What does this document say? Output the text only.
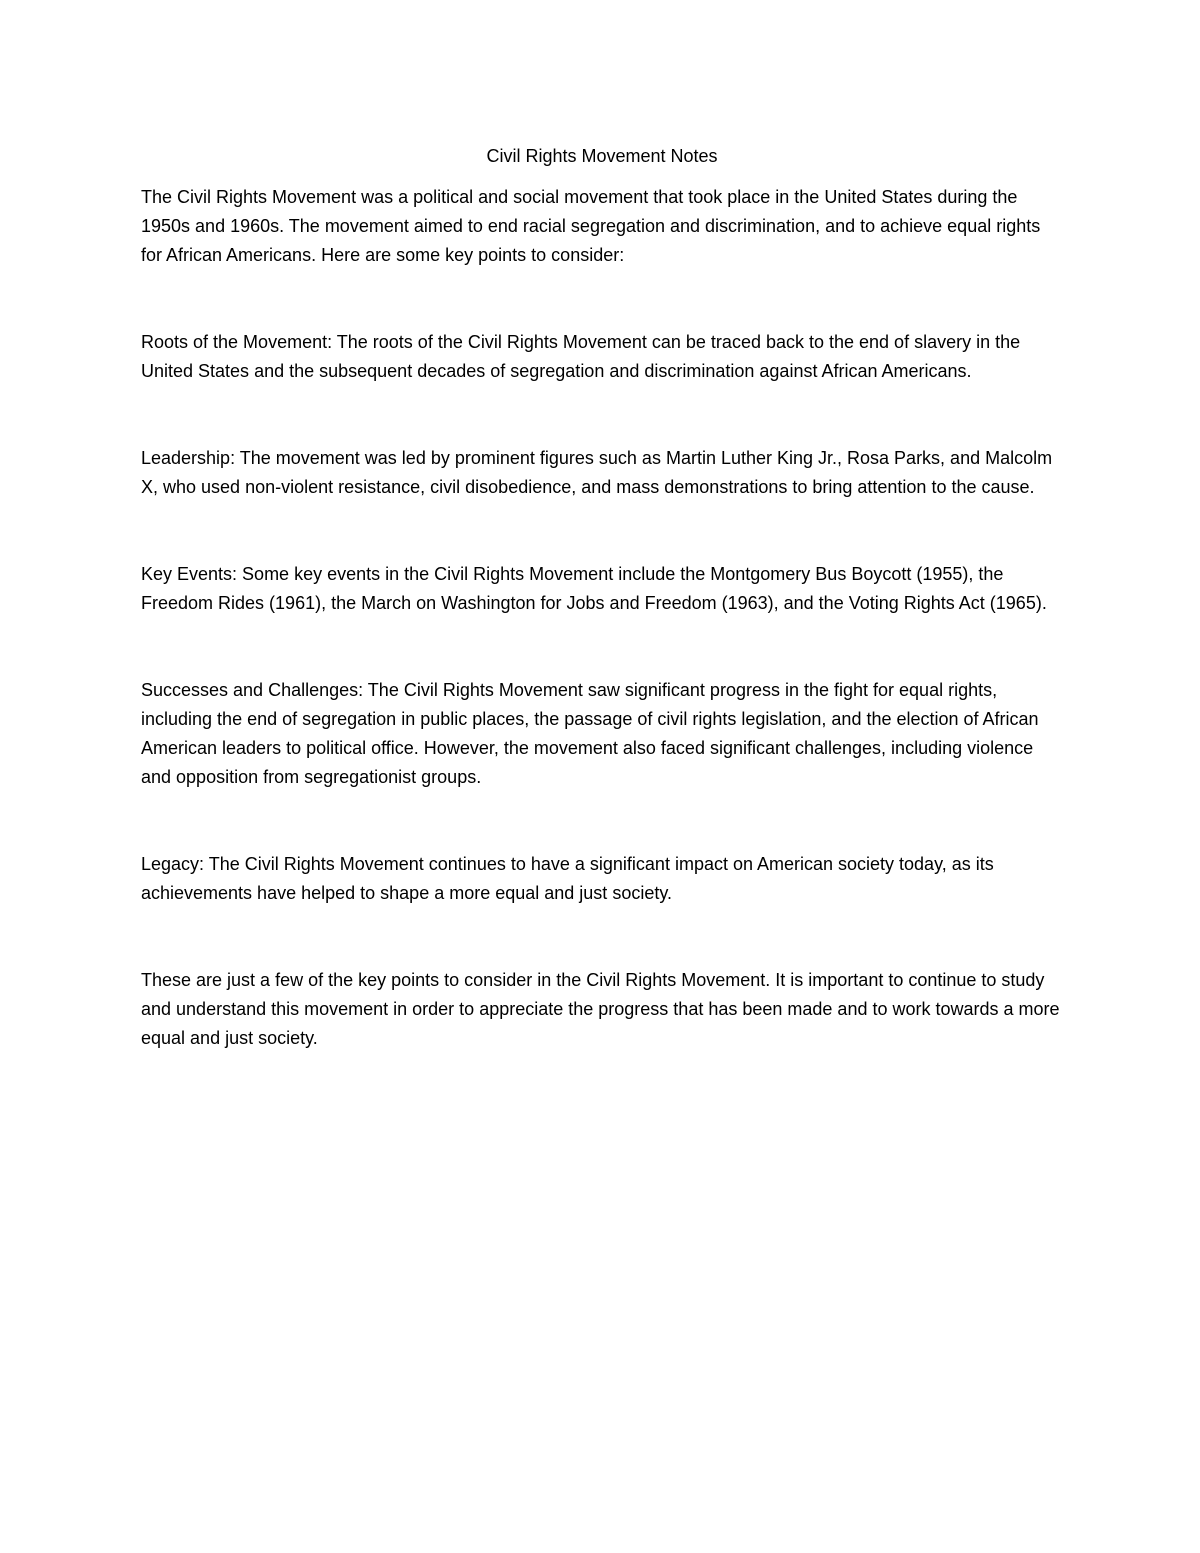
Civil Rights Movement Notes

The Civil Rights Movement was a political and social movement that took place in the United States during the 1950s and 1960s. The movement aimed to end racial segregation and discrimination, and to achieve equal rights for African Americans. Here are some key points to consider:

Roots of the Movement: The roots of the Civil Rights Movement can be traced back to the end of slavery in the United States and the subsequent decades of segregation and discrimination against African Americans.

Leadership: The movement was led by prominent figures such as Martin Luther King Jr., Rosa Parks, and Malcolm X, who used non-violent resistance, civil disobedience, and mass demonstrations to bring attention to the cause.

Key Events: Some key events in the Civil Rights Movement include the Montgomery Bus Boycott (1955), the Freedom Rides (1961), the March on Washington for Jobs and Freedom (1963), and the Voting Rights Act (1965).

Successes and Challenges: The Civil Rights Movement saw significant progress in the fight for equal rights, including the end of segregation in public places, the passage of civil rights legislation, and the election of African American leaders to political office. However, the movement also faced significant challenges, including violence and opposition from segregationist groups.

Legacy: The Civil Rights Movement continues to have a significant impact on American society today, as its achievements have helped to shape a more equal and just society.

These are just a few of the key points to consider in the Civil Rights Movement. It is important to continue to study and understand this movement in order to appreciate the progress that has been made and to work towards a more equal and just society.
